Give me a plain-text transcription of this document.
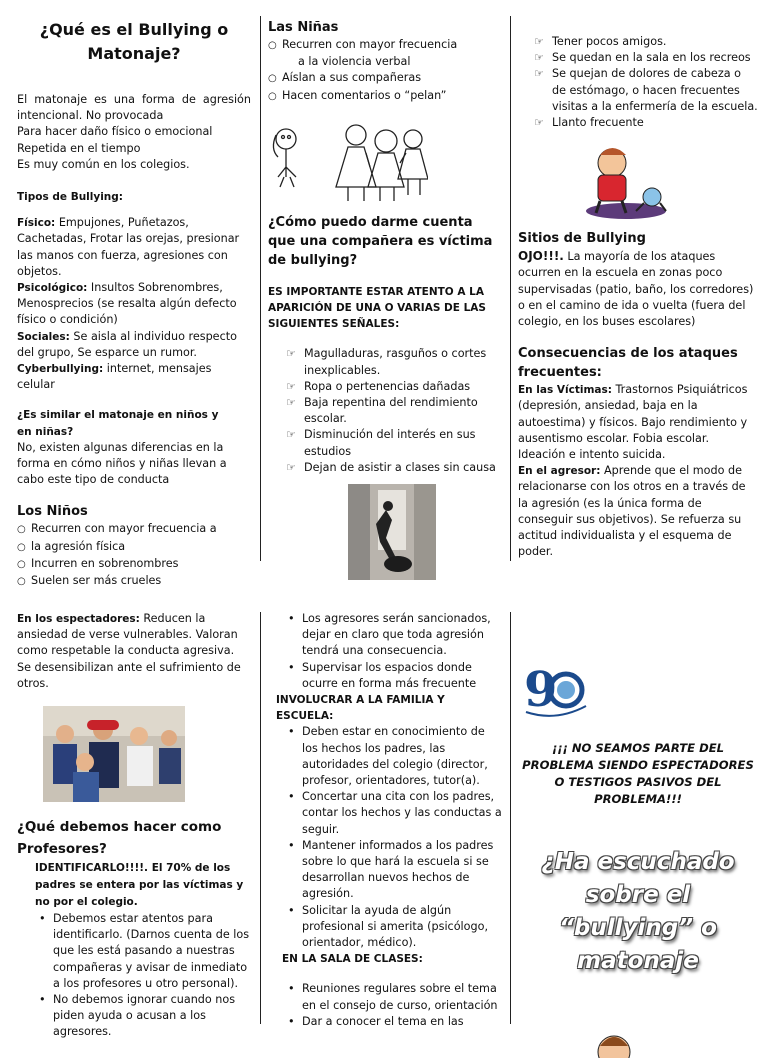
¿Qué es el Bullying o Matonaje?

El matonaje es una forma de agresión intencional. No provocada

Para hacer daño físico o emocional

Repetida en el tiempo

Es muy común en los colegios.

Tipos de Bullying:

Físico: Empujones, Puñetazos, Cachetadas, Frotar las orejas, presionar las manos con fuerza, agresiones con objetos.

Psicológico: Insultos Sobrenombres, Menosprecios (se resalta algún defecto físico o condición)

Sociales: Se aisla al individuo respecto del grupo, Se esparce un rumor.

Cyberbullying: internet, mensajes celular

¿Es similar el matonaje en niños y en niñas?

No, existen algunas diferencias en la forma en cómo niños y niñas llevan a cabo este tipo de conducta

Los Niños

○ Recurren con mayor frecuencia a

○ la agresión física

○ Incurren en sobrenombres

○ Suelen ser más crueles

Las Niñas

○ Recurren con mayor frecuencia

a la violencia verbal

○ Aíslan a sus compañeras

○ Hacen comentarios o “pelan”

¿Cómo puedo darme cuenta que una compañera es víctima de bullying?

ES IMPORTANTE ESTAR ATENTO A LA APARICIÓN DE UNA O VARIAS DE LAS SIGUIENTES SEÑALES:

☞ Magulladuras, rasguños o cortes inexplicables.
☞ Ropa o pertenencias dañadas
☞ Baja repentina del rendimiento escolar.
☞ Disminución del interés en sus estudios
☞ Dejan de asistir a clases sin causa
☞ Tener pocos amigos.
☞ Se quedan en la sala en los recreos
☞ Se quejan de dolores de cabeza o de estómago, o hacen frecuentes visitas a la enfermería de la escuela.
☞ Llanto frecuente
Sitios de Bullying

OJO!!!. La mayoría de los ataques ocurren en la escuela en zonas poco supervisadas (patio, baño, los corredores) o en el camino de ida o vuelta (fuera del colegio, en los buses escolares)

Consecuencias de los ataques frecuentes:

En las Víctimas: Trastornos Psiquiátricos (depresión, ansiedad, baja en la autoestima) y físicos. Bajo rendimiento y ausentismo escolar. Fobia escolar. Ideación e intento suicida.

En el agresor: Aprende que el modo de relacionarse con los otros en a través de la agresión (es la única forma de conseguir sus objetivos). Se refuerza su actitud individualista y el esquema de poder.

En los espectadores: Reducen la ansiedad de verse vulnerables. Valoran como respetable la conducta agresiva. Se desensibilizan ante el sufrimiento de otros.

¿Qué debemos hacer como Profesores?

IDENTIFICARLO!!!!. El 70% de los padres se entera por las víctimas y no por el colegio.

• Debemos estar atentos para identificarlo. (Darnos cuenta de los que les está pasando a nuestras compañeras y avisar de inmediato a los profesores u otro personal).
• No debemos ignorar cuando nos piden ayuda o acusan a los agresores.
• Los agresores serán sancionados, dejar en claro que toda agresión tendrá una consecuencia.
• Supervisar los espacios donde ocurre en forma más frecuente

INVOLUCRAR A LA FAMILIA Y ESCUELA:

• Deben estar en conocimiento de los hechos los padres, las autoridades del colegio (director, profesor, orientadores, tutor(a).
• Concertar una cita con los padres, contar los hechos y las conductas a seguir.
• Mantener informados a los padres sobre lo que hará la escuela si se desarrollan nuevos hechos de agresión.
• Solicitar la ayuda de algún profesional si amerita (psicólogo, orientador, médico).

EN LA SALA DE CLASES:

• Reuniones regulares sobre el tema en el consejo de curso, orientación
• Dar a conocer el tema en las
9

¡¡¡ NO SEAMOS PARTE DEL PROBLEMA SIENDO ESPECTADORES O TESTIGOS PASIVOS DEL PROBLEMA!!!

¿Ha escuchado sobre el “bullying” o matonaje
